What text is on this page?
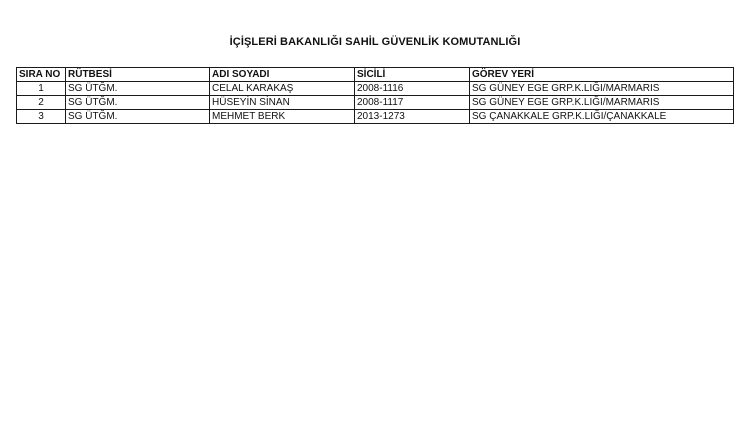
İÇİŞLERİ BAKANLIĞI SAHİL GÜVENLİK KOMUTANLIĞI
SIRA NO	RÜTBESİ	ADI SOYADI	SİCİLİ	GÖREV YERİ
1	SG ÜTĞM.	CELAL KARAKAŞ	2008-1116	SG GÜNEY EGE GRP.K.LIĞI/MARMARIS
2	SG ÜTĞM.	HÜSEYİN SİNAN	2008-1117	SG GÜNEY EGE GRP.K.LIĞI/MARMARIS
3	SG ÜTĞM.	MEHMET BERK	2013-1273	SG ÇANAKKALE GRP.K.LIĞI/ÇANAKKALE
